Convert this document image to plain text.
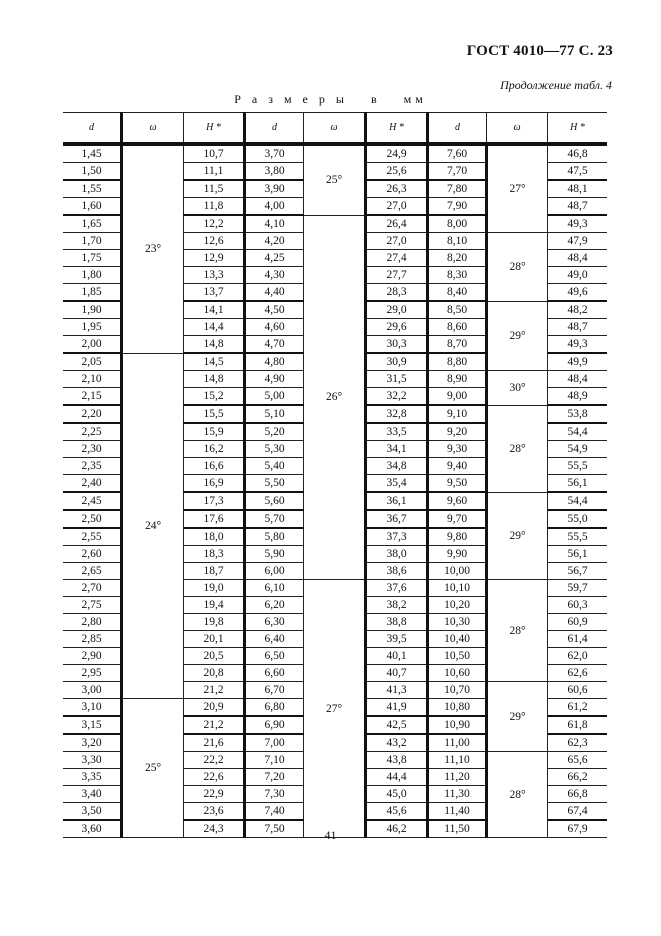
ГОСТ 4010—77 С. 23
Продолжение табл. 4
Р а з м е р ы в мм
d	ω	H *	d	ω	H *	d	ω	H *
1,45	23°	10,7	3,70	25°	24,9	7,60	27°	46,8
1,50		11,1	3,80		25,6	7,70		47,5
1,55		11,5	3,90		26,3	7,80		48,1
1,60		11,8	4,00		27,0	7,90		48,7
1,65		12,2	4,10	26°	26,4	8,00		49,3
1,70		12,6	4,20		27,0	8,10	28°	47,9
1,75		12,9	4,25		27,4	8,20		48,4
1,80		13,3	4,30		27,7	8,30		49,0
1,85		13,7	4,40		28,3	8,40		49,6
1,90		14,1	4,50		29,0	8,50	29°	48,2
1,95		14,4	4,60		29,6	8,60		48,7
2,00		14,8	4,70		30,3	8,70		49,3
2,05	24°	14,5	4,80		30,9	8,80		49,9
2,10		14,8	4,90		31,5	8,90	30°	48,4
2,15		15,2	5,00		32,2	9,00		48,9
2,20		15,5	5,10		32,8	9,10	28°	53,8
2,25		15,9	5,20		33,5	9,20		54,4
2,30		16,2	5,30		34,1	9,30		54,9
2,35		16,6	5,40		34,8	9,40		55,5
2,40		16,9	5,50		35,4	9,50		56,1
2,45		17,3	5,60		36,1	9,60	29°	54,4
2,50		17,6	5,70		36,7	9,70		55,0
2,55		18,0	5,80		37,3	9,80		55,5
2,60		18,3	5,90		38,0	9,90		56,1
2,65		18,7	6,00		38,6	10,00		56,7
2,70		19,0	6,10	27°	37,6	10,10	28°	59,7
2,75		19,4	6,20		38,2	10,20		60,3
2,80		19,8	6,30		38,8	10,30		60,9
2,85		20,1	6,40		39,5	10,40		61,4
2,90		20,5	6,50		40,1	10,50		62,0
2,95		20,8	6,60		40,7	10,60		62,6
3,00		21,2	6,70		41,3	10,70	29°	60,6
3,10	25°	20,9	6,80		41,9	10,80		61,2
3,15		21,2	6,90		42,5	10,90		61,8
3,20		21,6	7,00		43,2	11,00		62,3
3,30		22,2	7,10		43,8	11,10	28°	65,6
3,35		22,6	7,20		44,4	11,20		66,2
3,40		22,9	7,30		45,0	11,30		66,8
3,50		23,6	7,40		45,6	11,40		67,4
3,60		24,3	7,50		46,2	11,50		67,9
41
